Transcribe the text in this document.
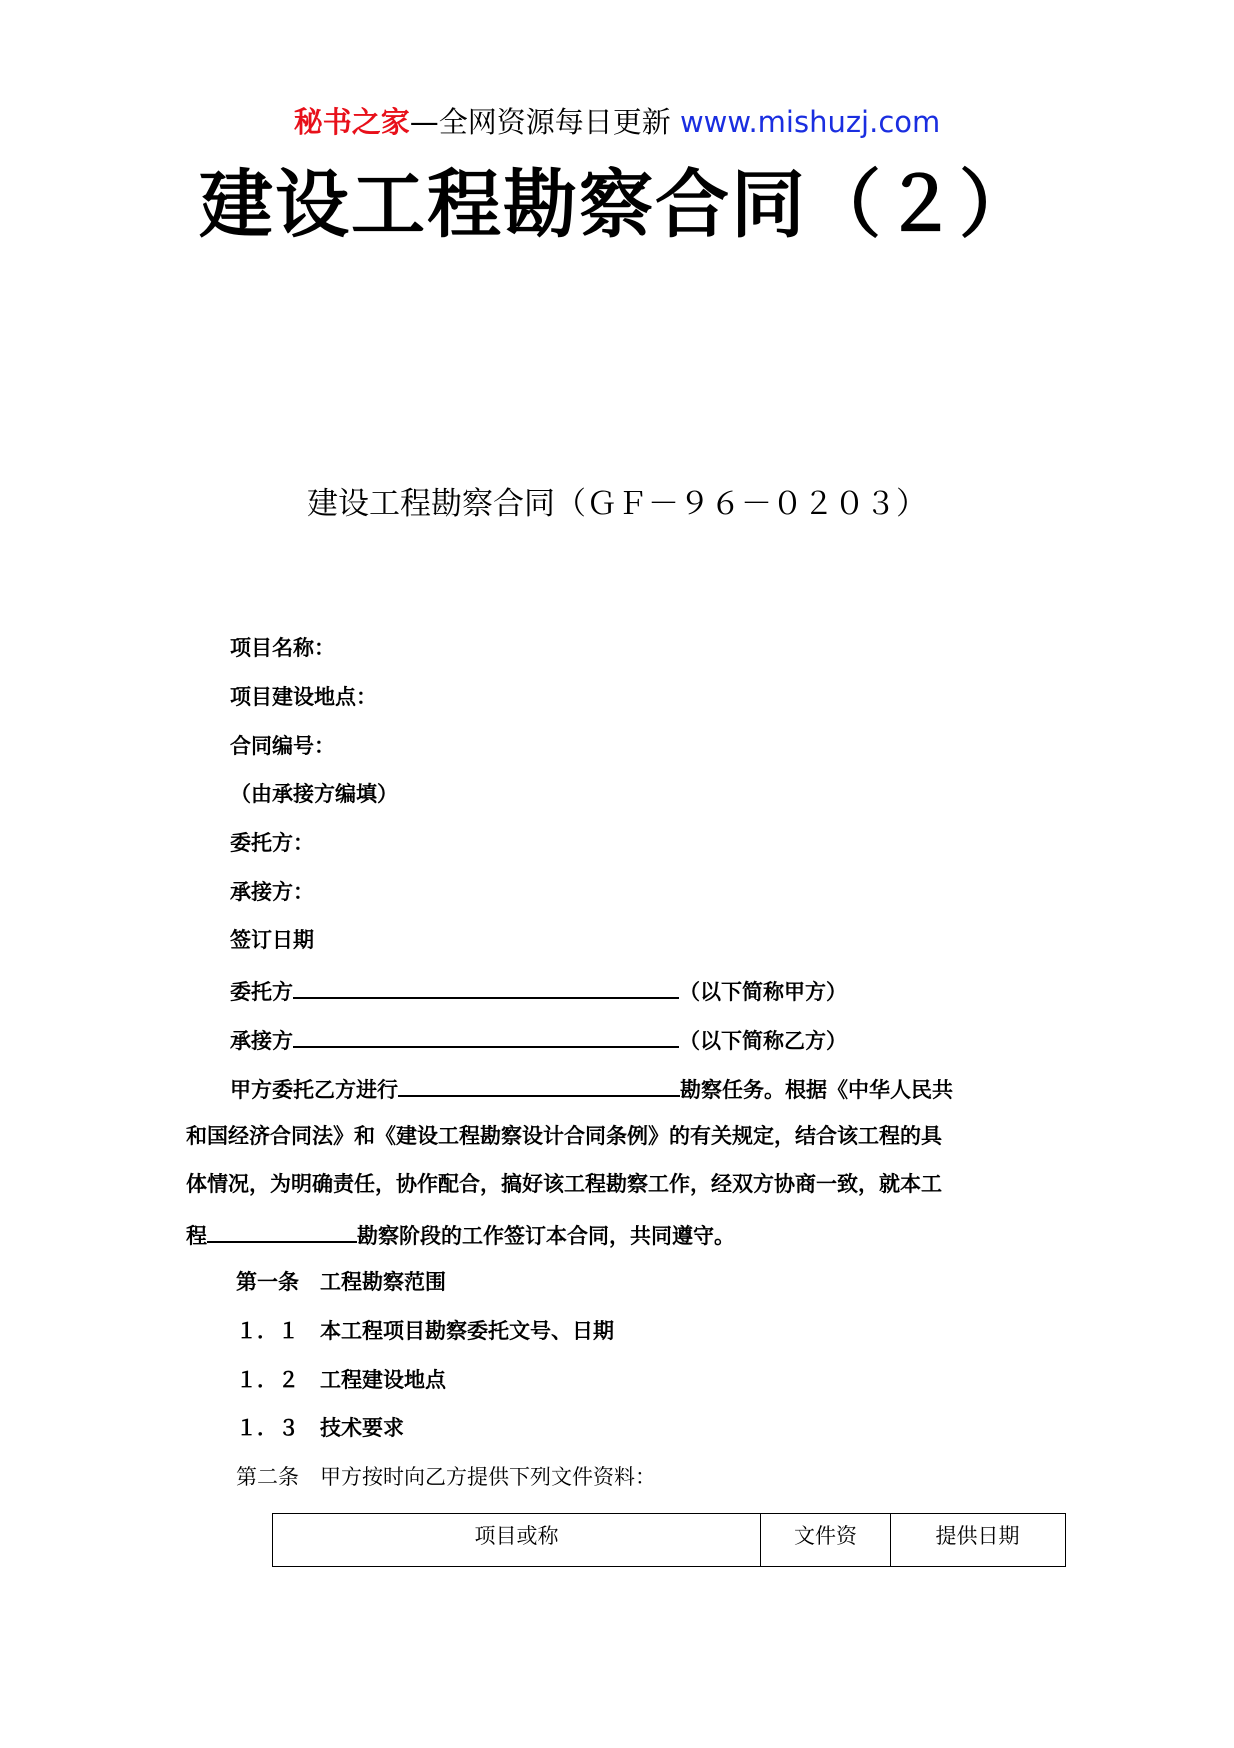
秘书之家—全网资源每日更新 www.mishuzj.com
建设工程勘察合同（２）
建设工程勘察合同（ＧＦ－９６－０２０３）
项目名称：
项目建设地点：
合同编号：
（由承接方编填）
委托方：
承接方：
签订日期
委托方	（以下简称甲方）
承接方	（以下简称乙方）
甲方委托乙方进行	勘察任务。根据《中华人民共
和国经济合同法》和《建设工程勘察设计合同条例》的有关规定，结合该工程的具
体情况，为明确责任，协作配合，搞好该工程勘察工作，经双方协商一致，就本工
程	勘察阶段的工作签订本合同，共同遵守。
第一条　工程勘察范围
１．１　本工程项目勘察委托文号、日期
１．２　工程建设地点
１．３　技术要求
第二条　甲方按时向乙方提供下列文件资料：
项目或称	文件资	提供日期
